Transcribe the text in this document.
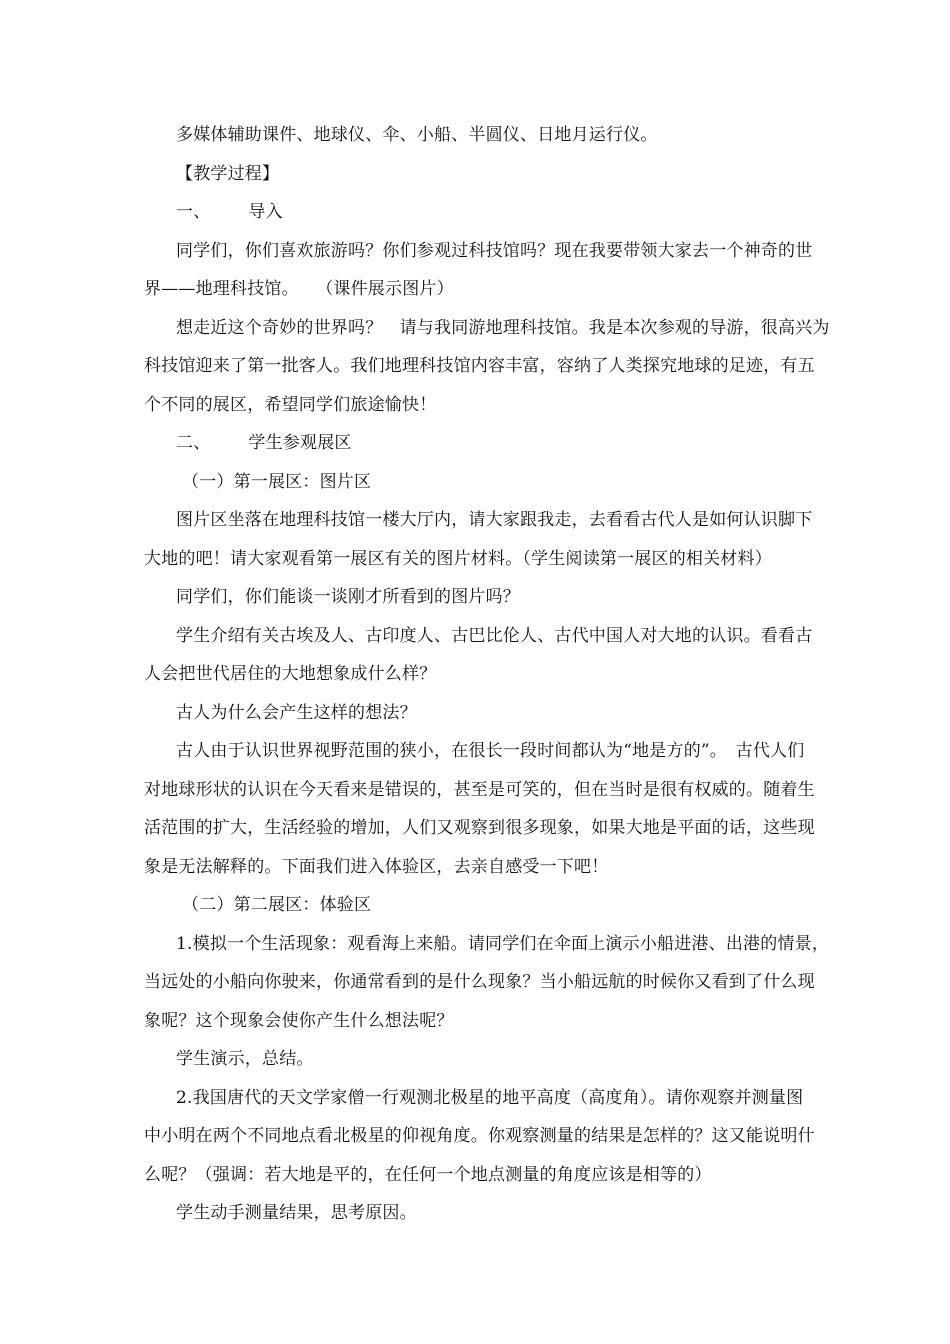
多媒体辅助课件、地球仪、伞、小船、半圆仪、日地月运行仪。
【教学过程】
一、 导入
同学们，你们喜欢旅游吗？你们参观过科技馆吗？现在我要带领大家去一个神奇的世
界——地理科技馆。　　（课件展示图片）
想走近这个奇妙的世界吗？　请与我同游地理科技馆。我是本次参观的导游，很高兴为
科技馆迎来了第一批客人。我们地理科技馆内容丰富，容纳了人类探究地球的足迹，有五
个不同的展区，希望同学们旅途愉快！
二、 学生参观展区
（一）第一展区：图片区
图片区坐落在地理科技馆一楼大厅内，请大家跟我走，去看看古代人是如何认识脚下
大地的吧！请大家观看第一展区有关的图片材料。（学生阅读第一展区的相关材料）
同学们，你们能谈一谈刚才所看到的图片吗？
学生介绍有关古埃及人、古印度人、古巴比伦人、古代中国人对大地的认识。看看古
人会把世代居住的大地想象成什么样？
古人为什么会产生这样的想法？
古人由于认识世界视野范围的狭小，在很长一段时间都认为“地是方的”。　古代人们
对地球形状的认识在今天看来是错误的，甚至是可笑的，但在当时是很有权威的。随着生
活范围的扩大，生活经验的增加，人们又观察到很多现象，如果大地是平面的话，这些现
象是无法解释的。下面我们进入体验区，去亲自感受一下吧！
（二）第二展区：体验区
1.模拟一个生活现象：观看海上来船。请同学们在伞面上演示小船进港、出港的情景，
当远处的小船向你驶来，你通常看到的是什么现象？当小船远航的时候你又看到了什么现
象呢？这个现象会使你产生什么想法呢？
学生演示，总结。
2.我国唐代的天文学家僧一行观测北极星的地平高度（高度角）。请你观察并测量图
中小明在两个不同地点看北极星的仰视角度。你观察测量的结果是怎样的？这又能说明什
么呢？（强调：若大地是平的，在任何一个地点测量的角度应该是相等的）
学生动手测量结果，思考原因。
